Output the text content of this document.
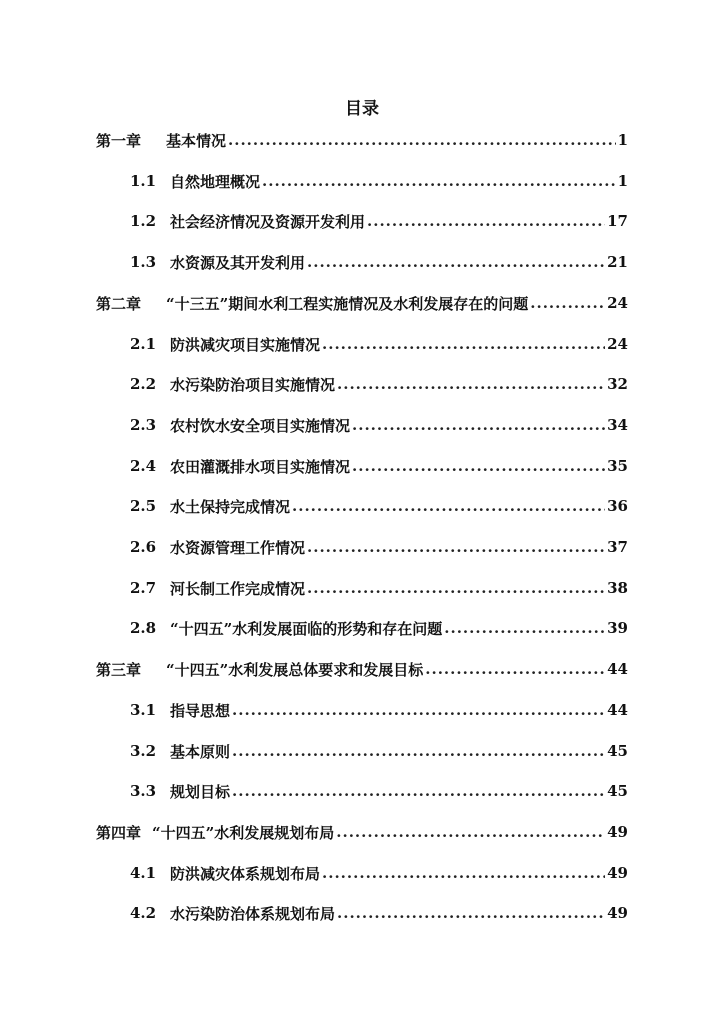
目录
第一章	基本情况 .....	1
1.1 自然地理概况 .....	1
1.2 社会经济情况及资源开发利用 .....	17
1.3 水资源及其开发利用 .....	21
第二章	“十三五”期间水利工程实施情况及水利发展存在的问题 .....	24
2.1 防洪减灾项目实施情况 .....	24
2.2 水污染防治项目实施情况 .....	32
2.3 农村饮水安全项目实施情况 .....	34
2.4 农田灌溉排水项目实施情况 .....	35
2.5 水土保持完成情况 .....	36
2.6 水资源管理工作情况 .....	37
2.7 河长制工作完成情况 .....	38
2.8 “十四五”水利发展面临的形势和存在问题 .....	39
第三章	“十四五”水利发展总体要求和发展目标 .....	44
3.1 指导思想 .....	44
3.2 基本原则 .....	45
3.3 规划目标 .....	45
第四章 “十四五”水利发展规划布局 .....	49
4.1 防洪减灾体系规划布局 .....	49
4.2 水污染防治体系规划布局 .....	49
